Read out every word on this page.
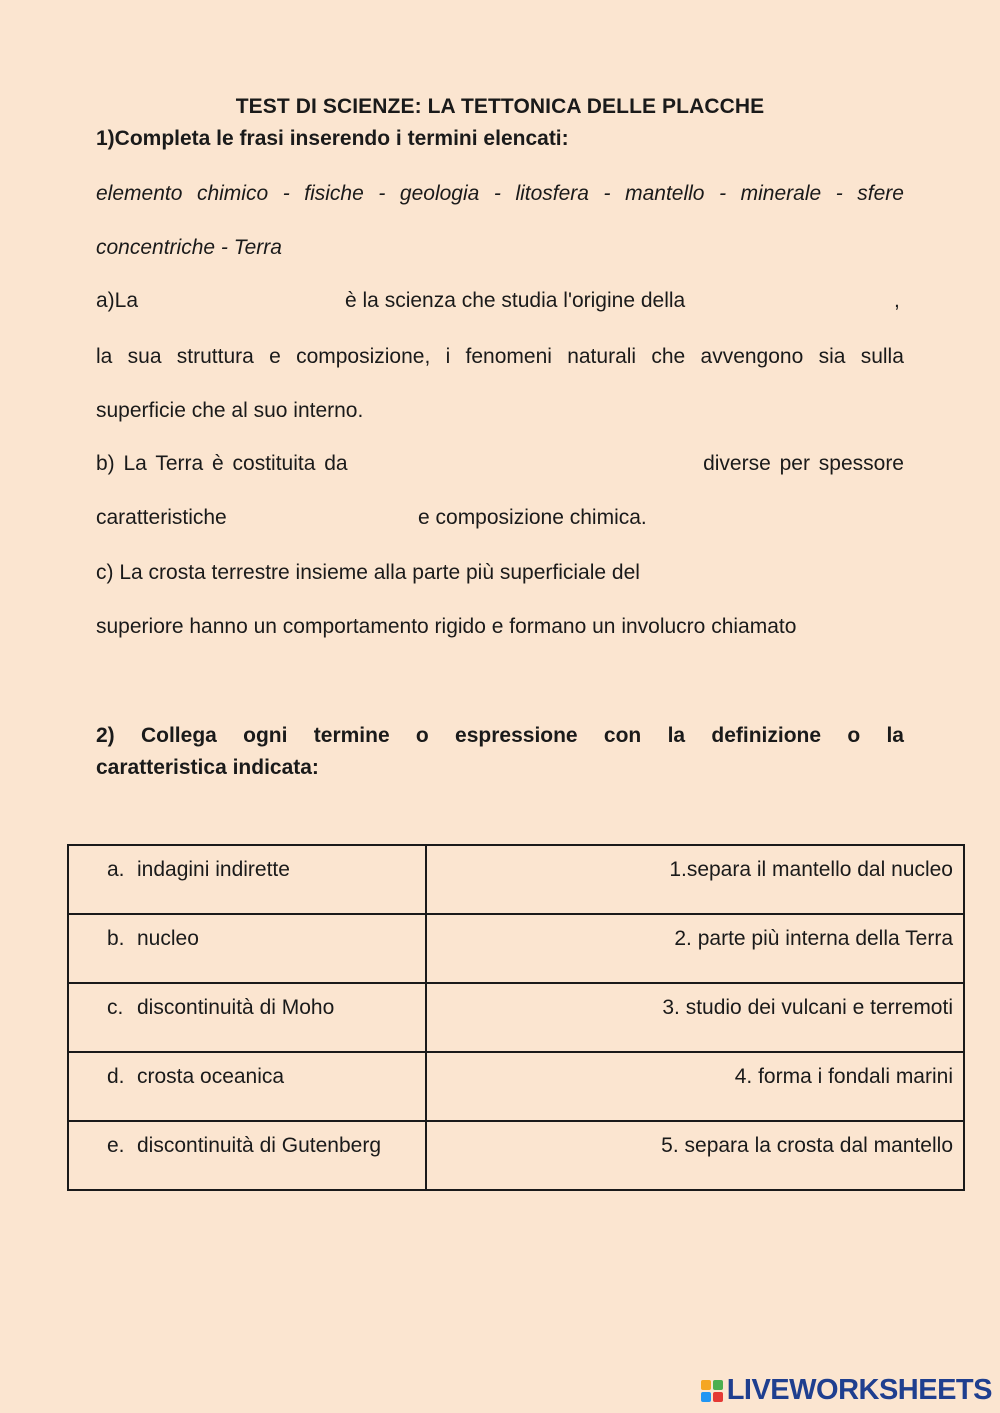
TEST DI SCIENZE: LA TETTONICA DELLE PLACCHE
1)Completa le frasi inserendo i termini elencati:
elemento chimico - fisiche - geologia - litosfera - mantello - minerale - sfere
concentriche - Terra
a)La	è la scienza che studia l'origine della	,
la sua struttura e composizione, i fenomeni naturali che avvengono sia sulla
superficie che al suo interno.
b) La Terra è costituita da	diverse per spessore
caratteristiche	e composizione chimica.
c) La crosta terrestre insieme alla parte più superficiale del
superiore hanno un comportamento rigido e formano un involucro chiamato
2) Collega ogni termine o espressione con la definizione o la
caratteristica indicata:
a. indagini indirette	1.separa il mantello dal nucleo
b. nucleo	2. parte più interna della Terra
c. discontinuità di Moho	3. studio dei vulcani e terremoti
d. crosta oceanica	4. forma i fondali marini
e. discontinuità di Gutenberg	5. separa la crosta dal mantello
LIVEWORKSHEETS
